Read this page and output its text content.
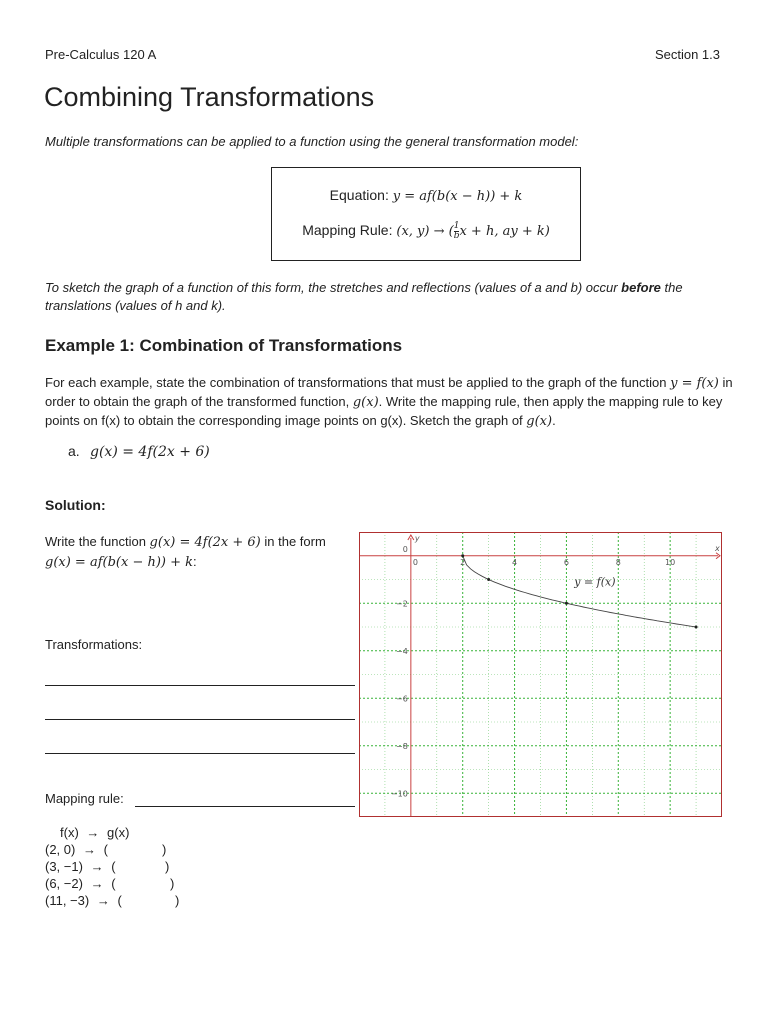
Pre-Calculus 120 A	Section 1.3
Combining Transformations
Multiple transformations can be applied to a function using the general transformation model:
Equation: y = af(b(x − h)) + k
Mapping Rule: (x, y) → ( $\frac{1}{b}$ x + h, ay + k)
To sketch the graph of a function of this form, the stretches and reflections (values of a and b) occur before the translations (values of h and k).
Example 1: Combination of Transformations
For each example, state the combination of transformations that must be applied to the graph of the function y = f(x) in order to obtain the graph of the transformed function, g(x). Write the mapping rule, then apply the mapping rule to key points on f(x) to obtain the corresponding image points on g(x). Sketch the graph of g(x).
a. g(x) = 4f(2x + 6)
Solution:
Write the function g(x) = 4f(2x + 6) in the form g(x) = af(b(x − h)) + k:
Transformations:
Mapping rule:
f(x) → g(x)
(2, 0) → (	)
(3, −1) → (	)
(6, −2) → (	)
(11, −3) → (	)
x
y
0	2	4	6	8	10
0
−2
−4
−6
−8
−10
y = f(x)
